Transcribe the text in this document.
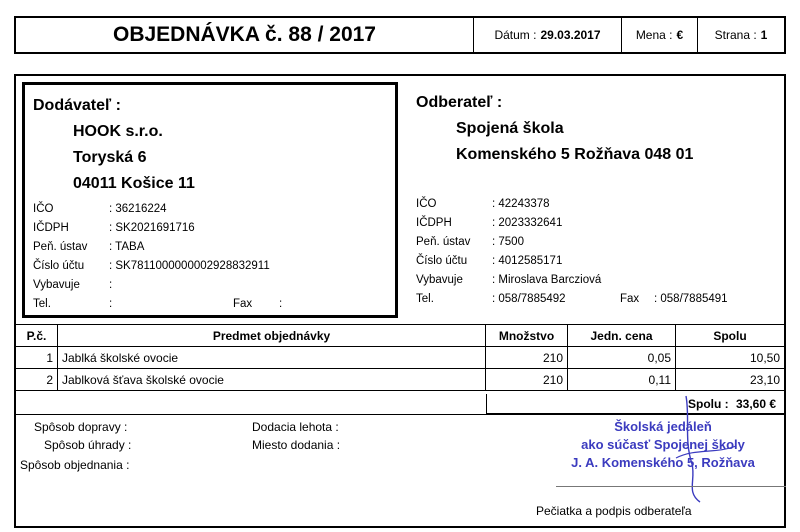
OBJEDNÁVKA č. 88 / 2017	Dátum : 29.03.2017	Mena : €	Strana : 1
Dodávateľ :
HOOK s.r.o.
Toryská 6
04011 Košice 11
IČO	: 36216224
IČDPH	: SK2021691716
Peň. ústav : TABA
Číslo účtu : SK7811000000002928832911
Vybavuje	:
Tel.	:	Fax :
Odberateľ :
Spojená škola
Komenského 5 Rožňava 048 01
IČO	: 42243378
IČDPH	: 2023332641
Peň. ústav : 7500
Číslo účtu : 4012585171
Vybavuje	: Miroslava Barcziová
Tel.	: 058/7885492	Fax : 058/7885491
P.č.	Predmet objednávky	Množstvo	Jedn. cena	Spolu
1 Jablká školské ovocie	210	0,05	10,50
2 Jablková šťava školské ovocie	210	0,11	23,10
Spolu : 33,60 €
Spôsob dopravy :
Spôsob úhrady :
Spôsob objednania :
Dodacia lehota :
Miesto dodania :
Školská jedáleň
ako súčasť Spojenej školy
J. A. Komenského 5, Rožňava
Pečiatka a podpis odberateľa
